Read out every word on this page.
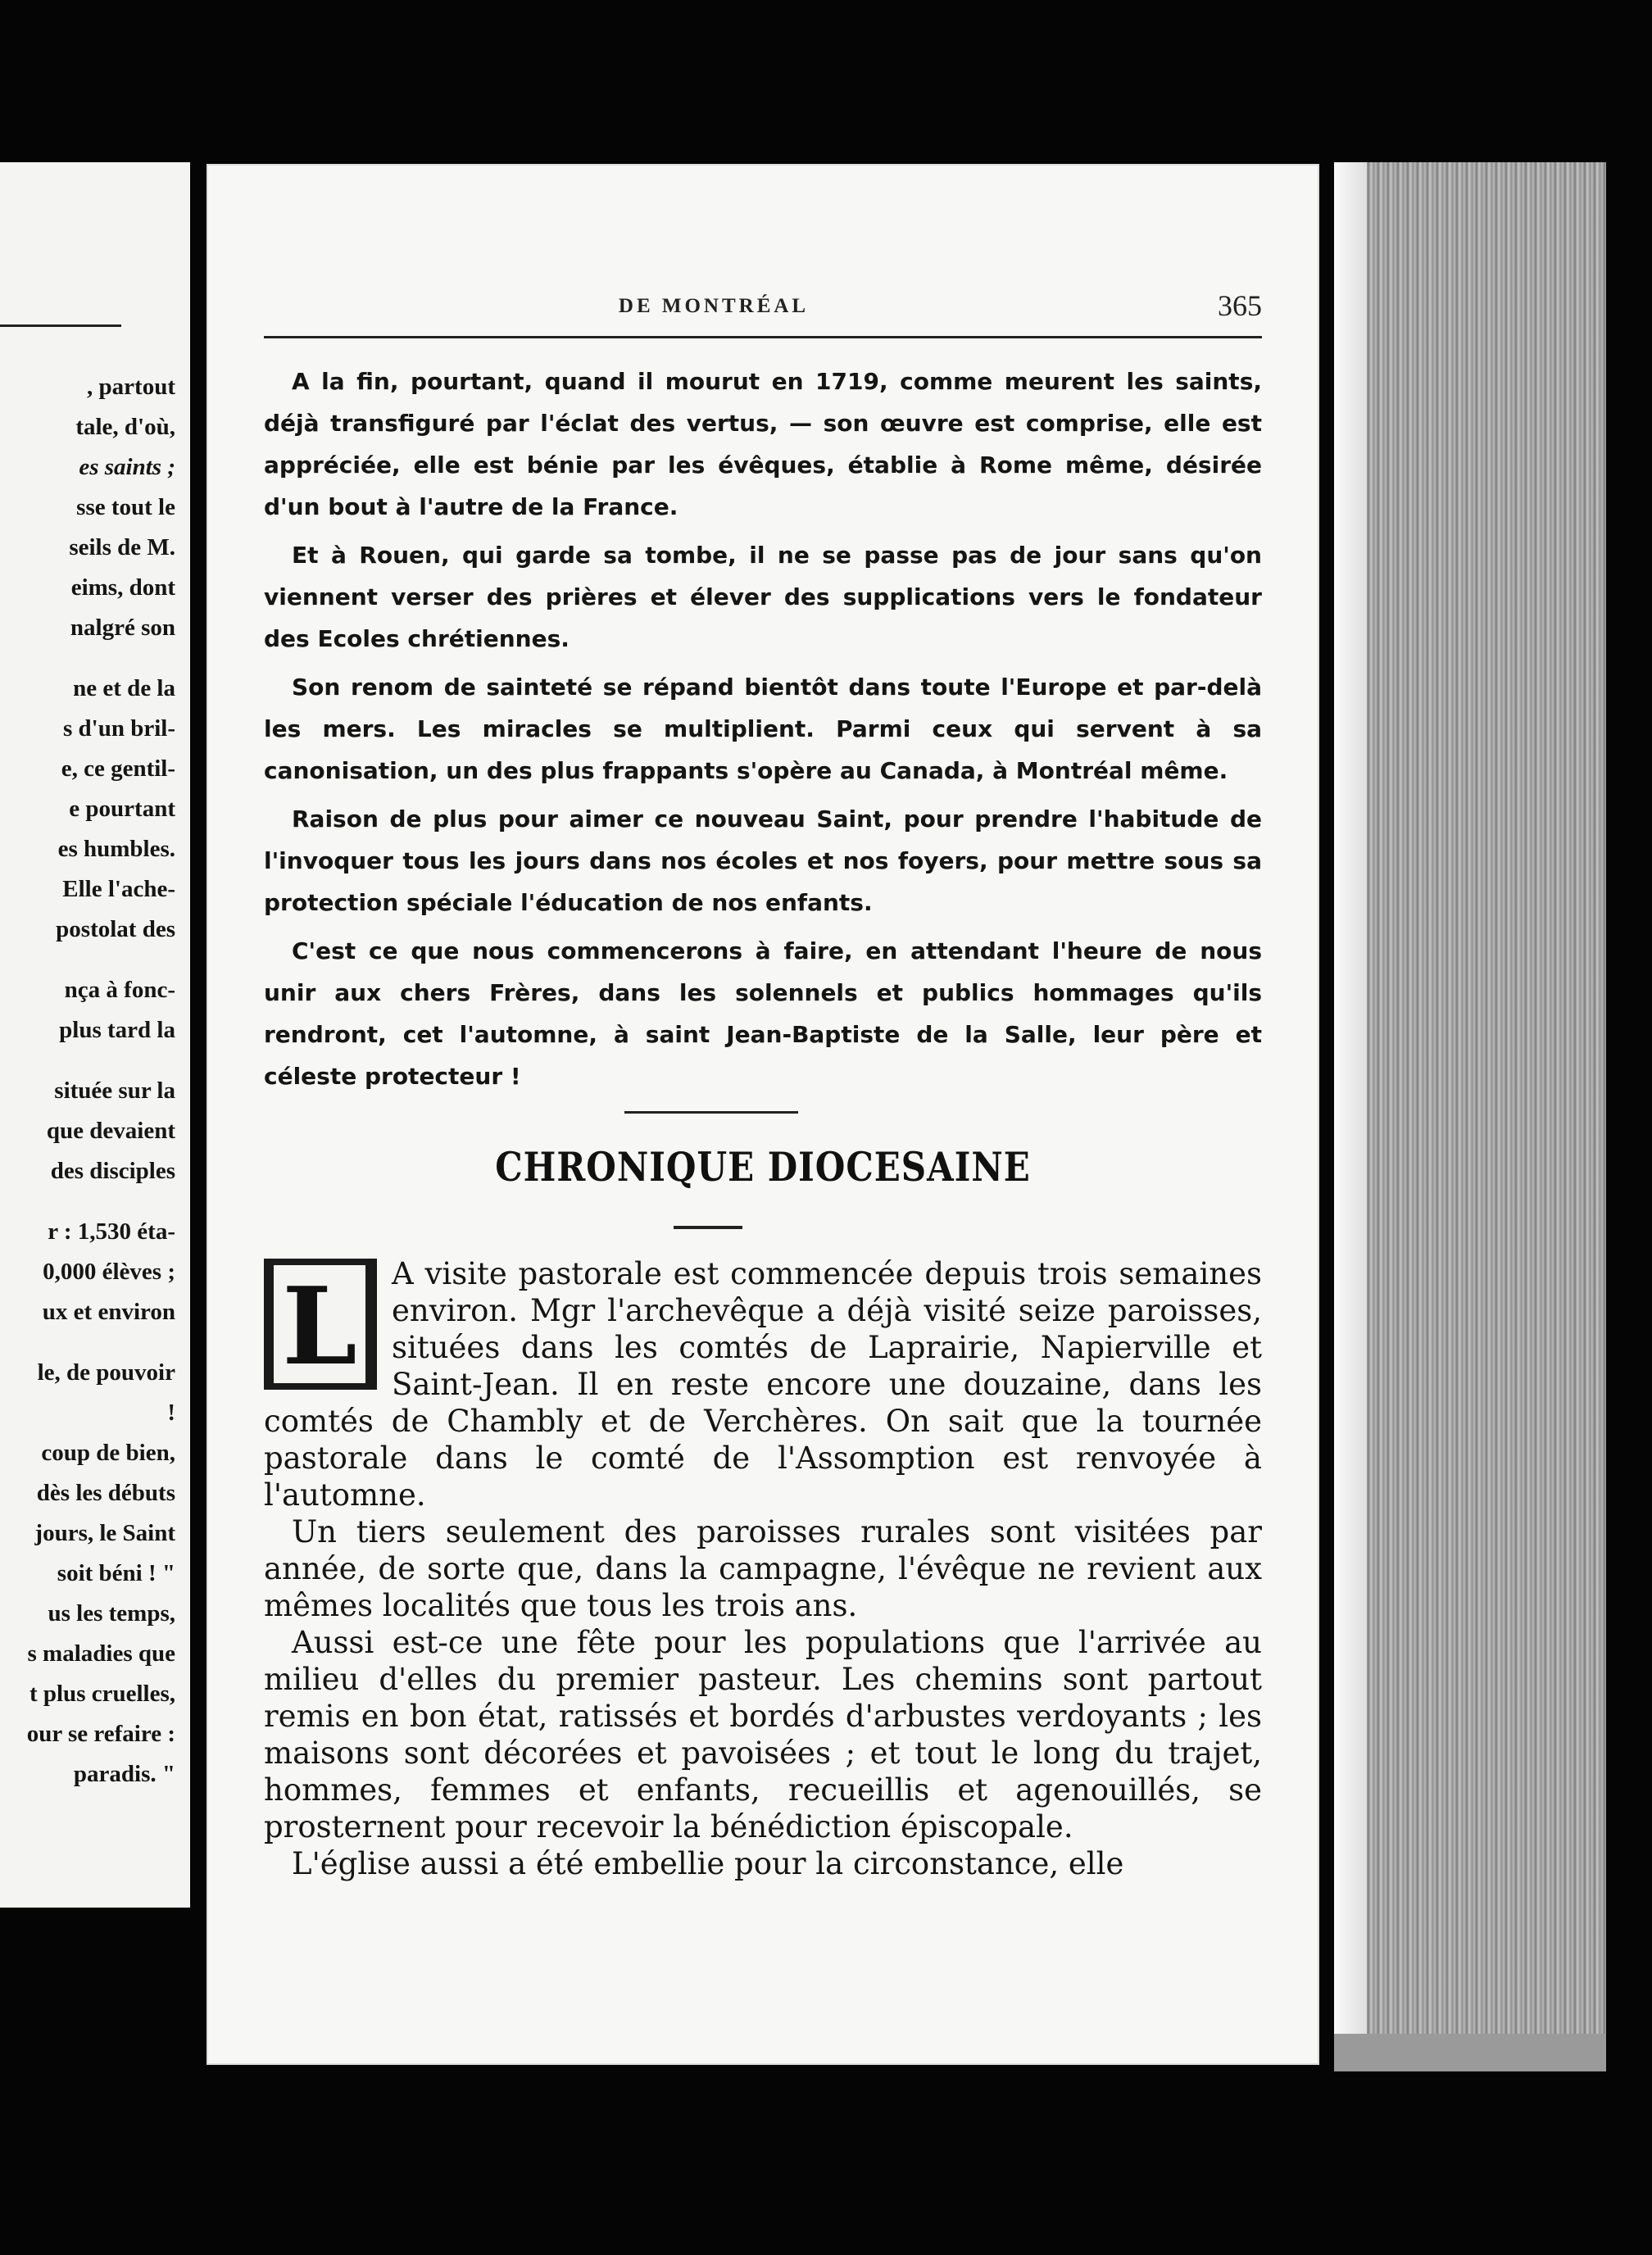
, partout
tale, d'où,
es saints ;
sse tout le
seils de M.
eims, dont
nalgré son
ne et de la
s d'un bril-
e, ce gentil-
e pourtant
es humbles.
Elle l'ache-
postolat des
nça à fonc-
plus tard la
située sur la
que devaient
des disciples
r : 1,530 éta-
0,000 élèves ;
ux et environ
le, de pouvoir
!
coup de bien,
dès les débuts
jours, le Saint
soit béni ! "
us les temps,
s maladies que
t plus cruelles,
our se refaire :
paradis. "
DE MONTRÉAL	365

A la fin, pourtant, quand il mourut en 1719, comme meurent les saints, déjà transfiguré par l'éclat des vertus, — son œuvre est comprise, elle est appréciée, elle est bénie par les évêques, établie à Rome même, désirée d'un bout à l'autre de la France.

Et à Rouen, qui garde sa tombe, il ne se passe pas de jour sans qu'on viennent verser des prières et élever des supplications vers le fondateur des Ecoles chrétiennes.

Son renom de sainteté se répand bientôt dans toute l'Europe et par-delà les mers. Les miracles se multiplient. Parmi ceux qui servent à sa canonisation, un des plus frappants s'opère au Canada, à Montréal même.

Raison de plus pour aimer ce nouveau Saint, pour prendre l'habitude de l'invoquer tous les jours dans nos écoles et nos foyers, pour mettre sous sa protection spéciale l'éducation de nos enfants.

C'est ce que nous commencerons à faire, en attendant l'heure de nous unir aux chers Frères, dans les solennels et publics hommages qu'ils rendront, cet l'automne, à saint Jean-Baptiste de la Salle, leur père et céleste protecteur !

CHRONIQUE DIOCESAINE
L	A visite pastorale est commencée depuis trois semaines environ. Mgr l'archevêque a déjà visité seize paroisses, situées dans les comtés de Laprairie, Napierville et Saint-Jean. Il en reste encore une douzaine, dans les comtés de Chambly et de Verchères. On sait que la tournée pastorale dans le comté de l'Assomption est renvoyée à l'automne.

Un tiers seulement des paroisses rurales sont visitées par année, de sorte que, dans la campagne, l'évêque ne revient aux mêmes localités que tous les trois ans.

Aussi est-ce une fête pour les populations que l'arrivée au milieu d'elles du premier pasteur. Les chemins sont partout remis en bon état, ratissés et bordés d'arbustes verdoyants ; les maisons sont décorées et pavoisées ; et tout le long du trajet, hommes, femmes et enfants, recueillis et agenouillés, se prosternent pour recevoir la bénédiction épiscopale.

L'église aussi a été embellie pour la circonstance, elle
